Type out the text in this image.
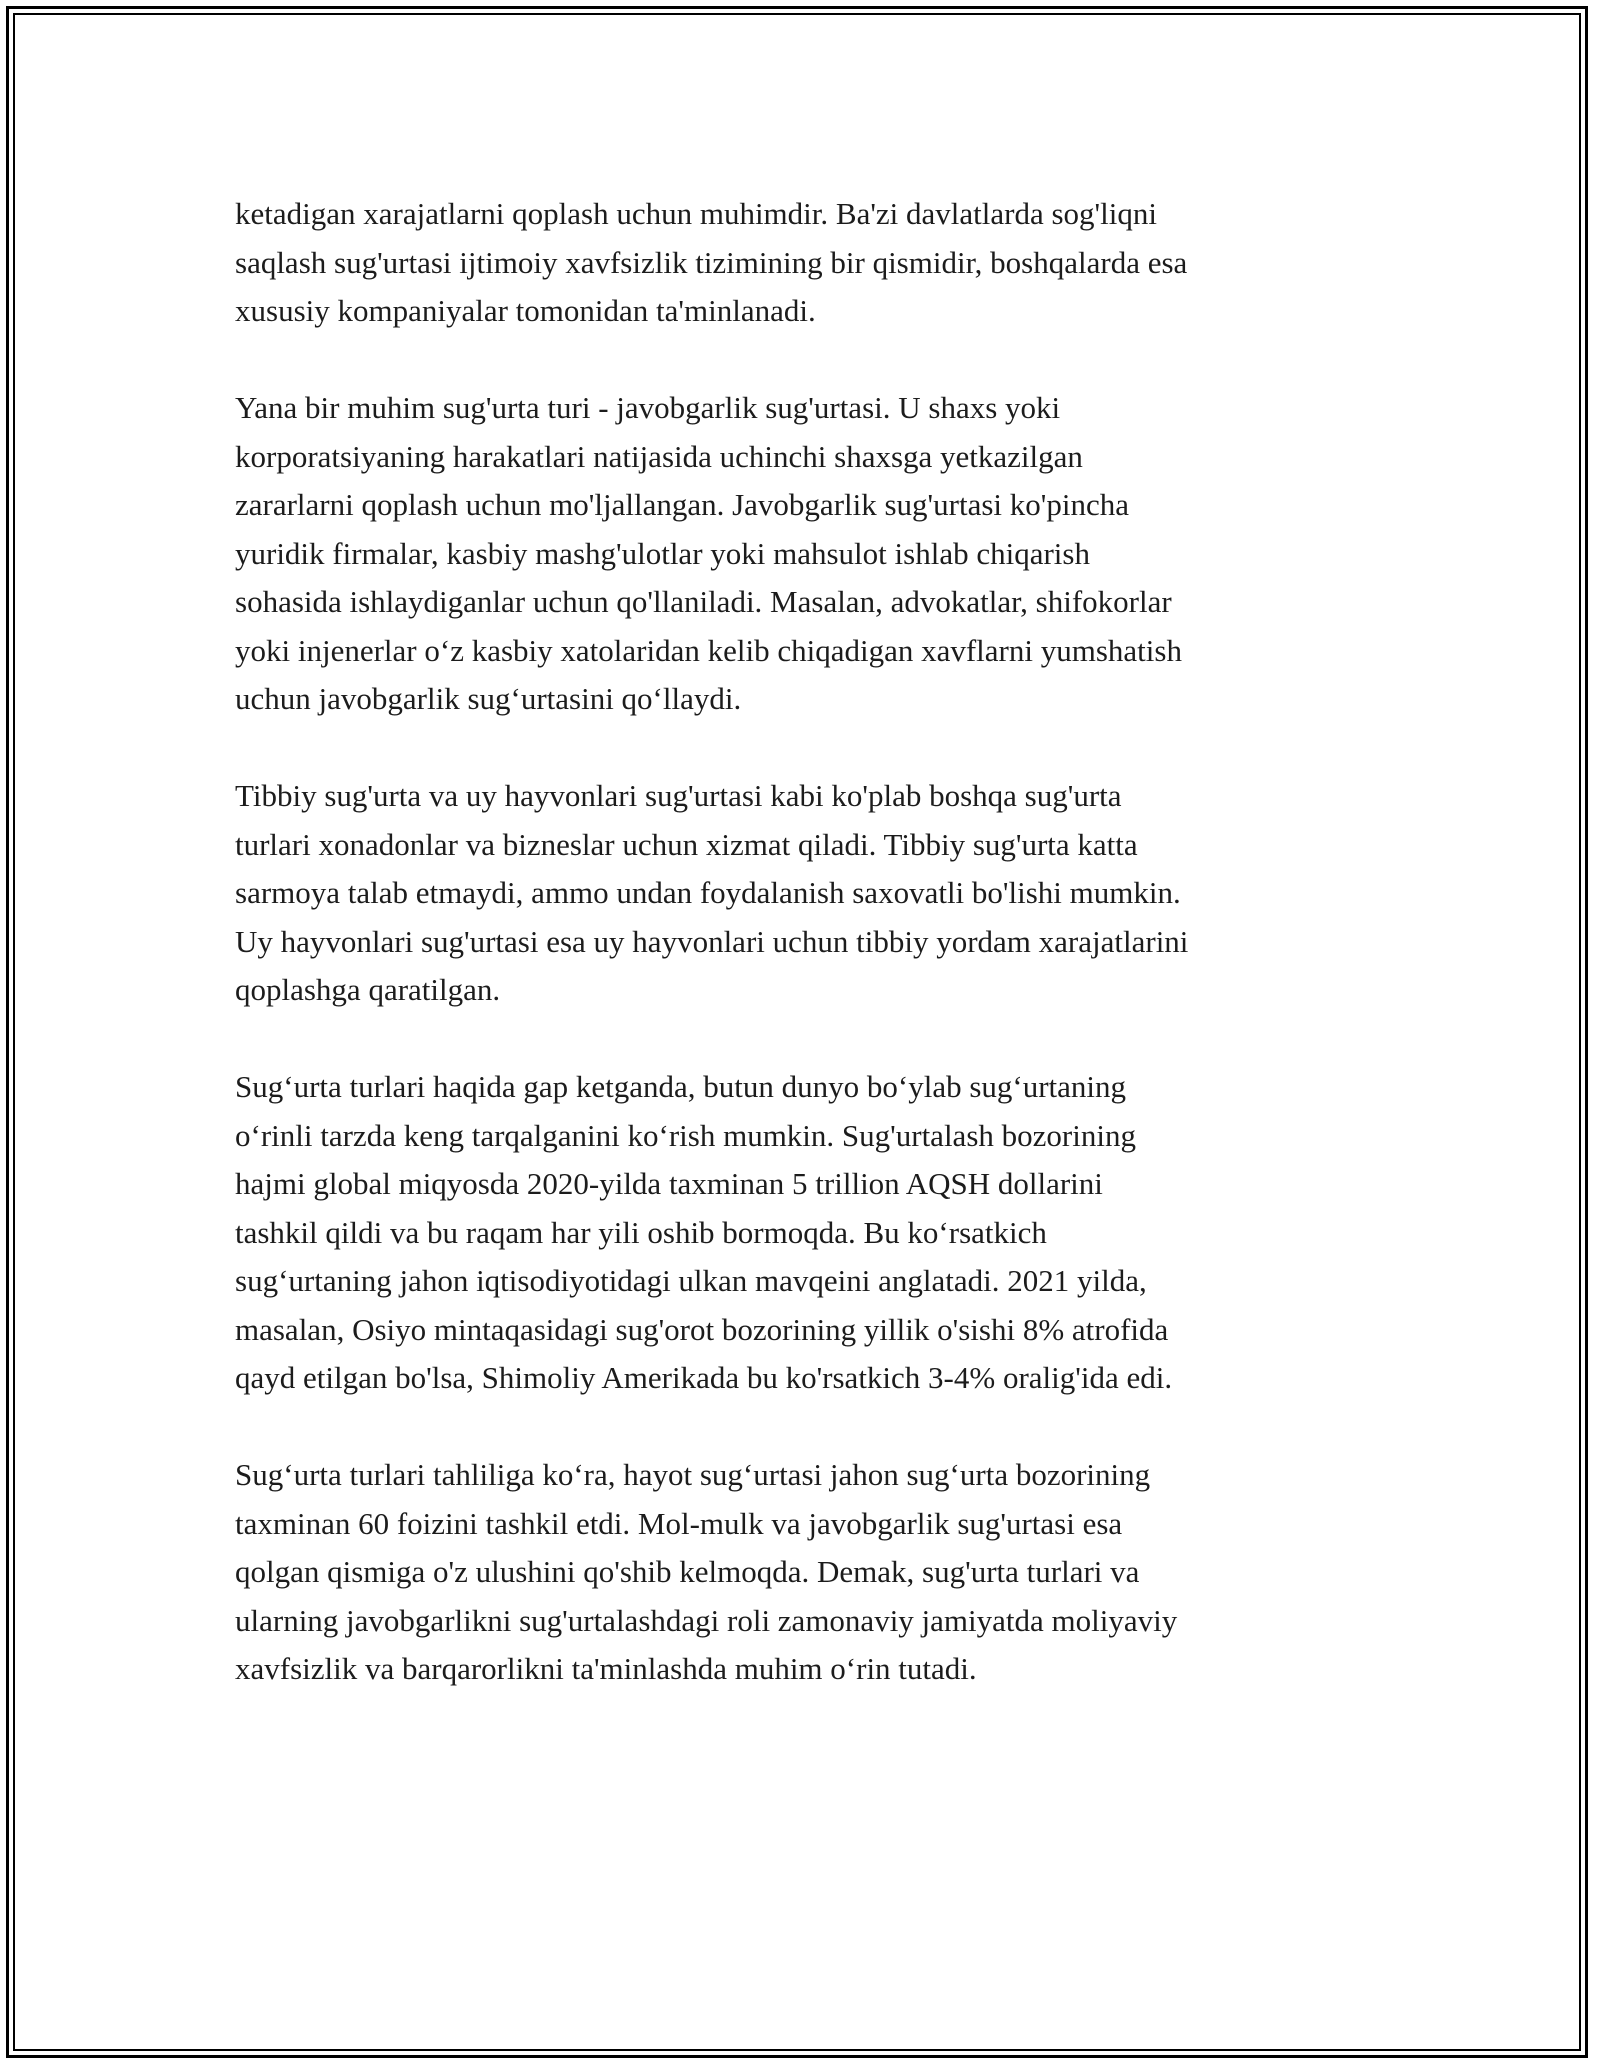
ketadigan xarajatlarni qoplash uchun muhimdir. Ba'zi davlatlarda sog'liqni
saqlash sug'urtasi ijtimoiy xavfsizlik tizimining bir qismidir, boshqalarda esa
xususiy kompaniyalar tomonidan ta'minlanadi.

Yana bir muhim sug'urta turi - javobgarlik sug'urtasi. U shaxs yoki
korporatsiyaning harakatlari natijasida uchinchi shaxsga yetkazilgan
zararlarni qoplash uchun mo'ljallangan. Javobgarlik sug'urtasi ko'pincha
yuridik firmalar, kasbiy mashg'ulotlar yoki mahsulot ishlab chiqarish
sohasida ishlaydiganlar uchun qo'llaniladi. Masalan, advokatlar, shifokorlar
yoki injenerlar o‘z kasbiy xatolaridan kelib chiqadigan xavflarni yumshatish
uchun javobgarlik sug‘urtasini qo‘llaydi.

Tibbiy sug'urta va uy hayvonlari sug'urtasi kabi ko'plab boshqa sug'urta
turlari xonadonlar va bizneslar uchun xizmat qiladi. Tibbiy sug'urta katta
sarmoya talab etmaydi, ammo undan foydalanish saxovatli bo'lishi mumkin.
Uy hayvonlari sug'urtasi esa uy hayvonlari uchun tibbiy yordam xarajatlarini
qoplashga qaratilgan.

Sug‘urta turlari haqida gap ketganda, butun dunyo bo‘ylab sug‘urtaning
o‘rinli tarzda keng tarqalganini ko‘rish mumkin. Sug'urtalash bozorining
hajmi global miqyosda 2020-yilda taxminan 5 trillion AQSH dollarini
tashkil qildi va bu raqam har yili oshib bormoqda. Bu ko‘rsatkich
sug‘urtaning jahon iqtisodiyotidagi ulkan mavqeini anglatadi. 2021 yilda,
masalan, Osiyo mintaqasidagi sug'orot bozorining yillik o'sishi 8% atrofida
qayd etilgan bo'lsa, Shimoliy Amerikada bu ko'rsatkich 3-4% oralig'ida edi.

Sug‘urta turlari tahliliga ko‘ra, hayot sug‘urtasi jahon sug‘urta bozorining
taxminan 60 foizini tashkil etdi. Mol-mulk va javobgarlik sug'urtasi esa
qolgan qismiga o'z ulushini qo'shib kelmoqda. Demak, sug'urta turlari va
ularning javobgarlikni sug'urtalashdagi roli zamonaviy jamiyatda moliyaviy
xavfsizlik va barqarorlikni ta'minlashda muhim o‘rin tutadi.
